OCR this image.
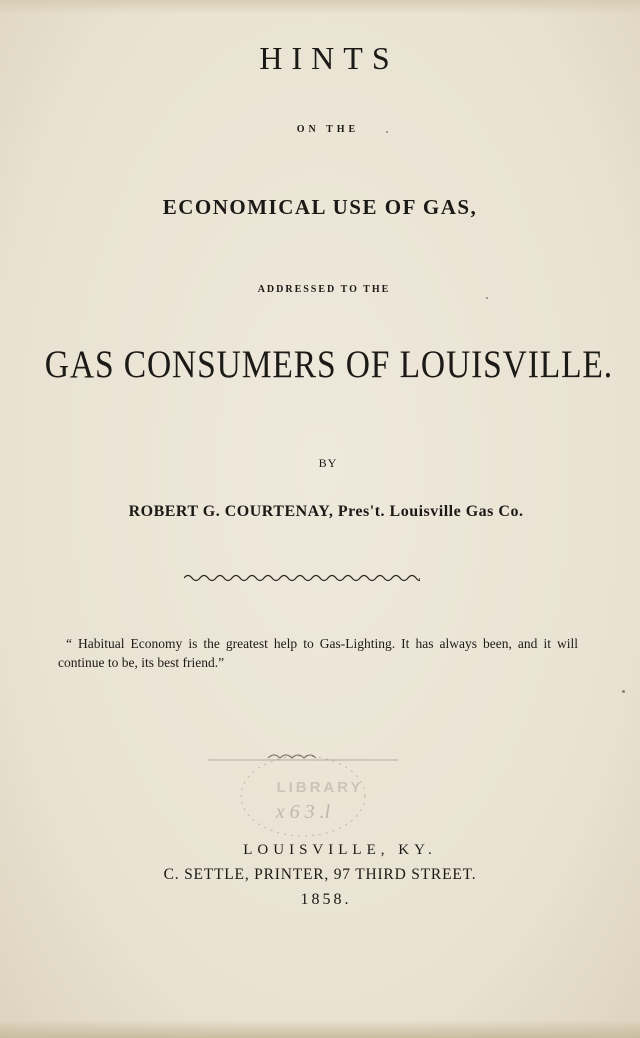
HINTS
ON THE
ECONOMICAL USE OF GAS,
ADDRESSED TO THE
GAS CONSUMERS OF LOUISVILLE.
BY
ROBERT G. COURTENAY, Pres't. Louisville Gas Co.
“ Habitual Economy is the greatest help to Gas-Lighting. It has always been, and it will continue to be, its best friend.”
x 6 3 .l
LIBRARY
LOUISVILLE, KY.
C. SETTLE, PRINTER, 97 THIRD STREET.
1858.
